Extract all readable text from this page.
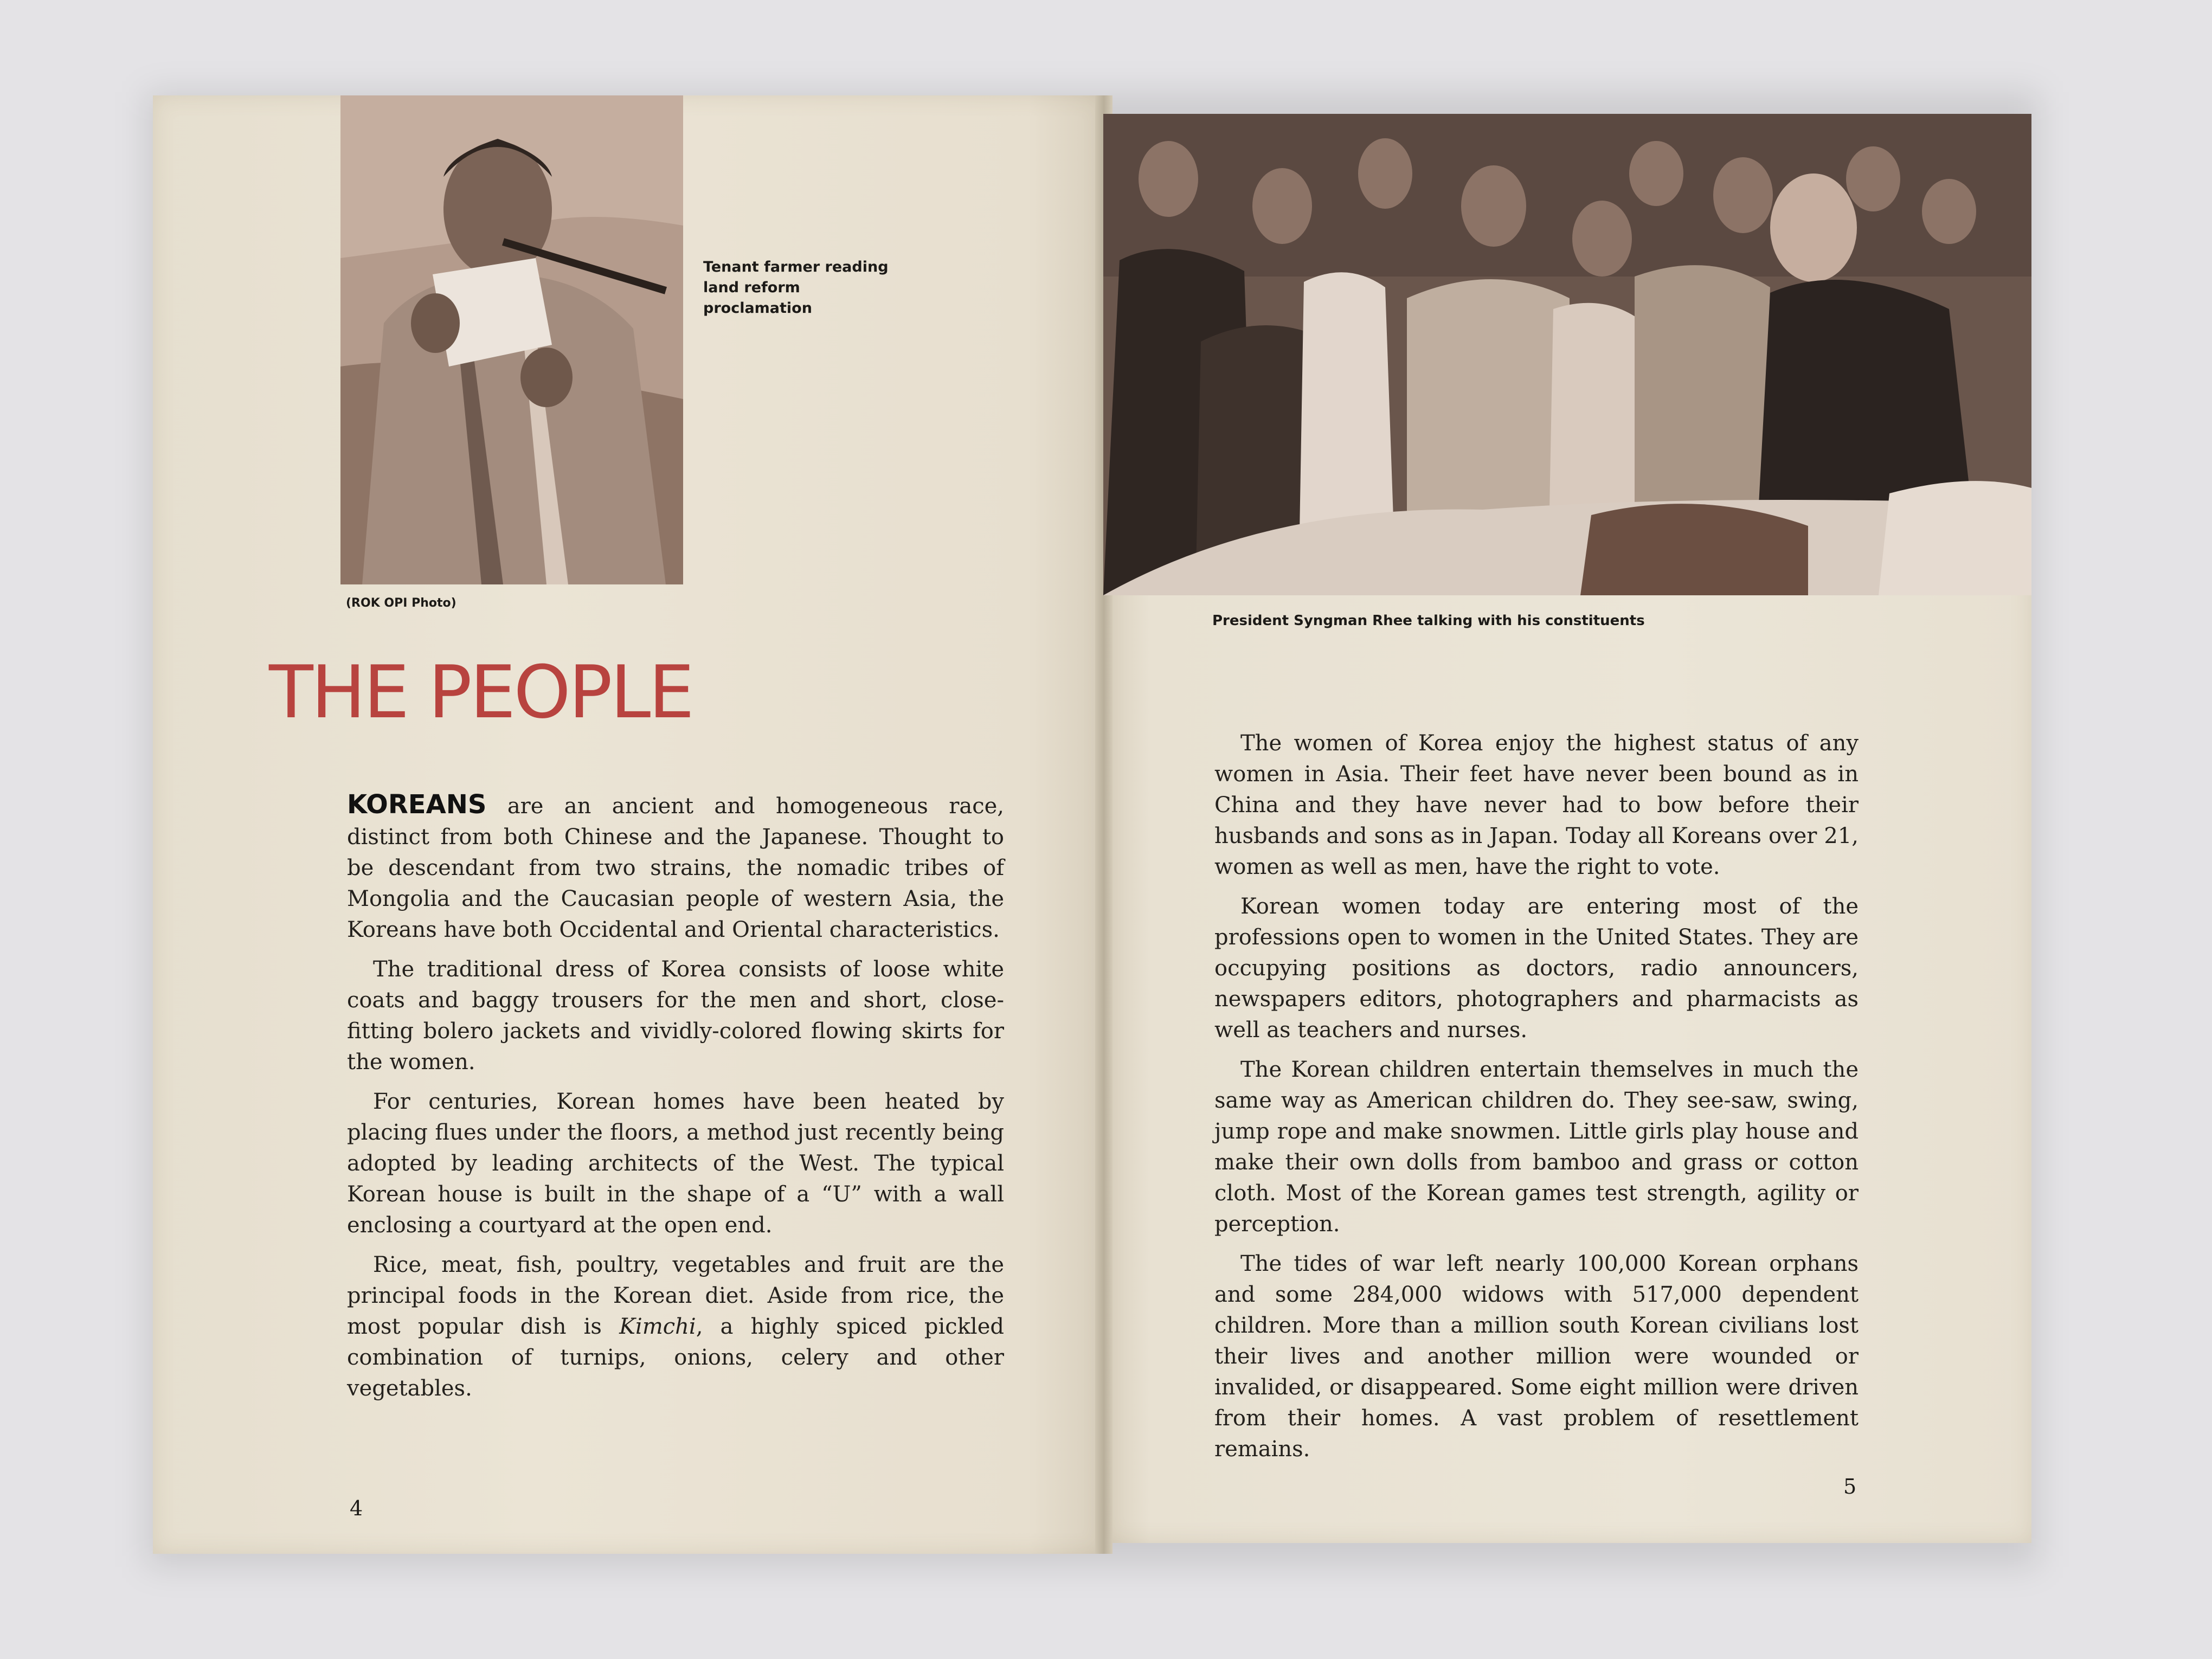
Tenant farmer reading land reform proclamation
(ROK OPI Photo)
President Syngman Rhee talking with his constituents
THE PEOPLE

KOREANS are an ancient and homogeneous race, distinct from both Chinese and the Japanese. Thought to be descendant from two strains, the nomadic tribes of Mongolia and the Caucasian people of western Asia, the Koreans have both Occidental and Oriental characteristics.

The traditional dress of Korea consists of loose white coats and baggy trousers for the men and short, close-fitting bolero jackets and vividly-colored flowing skirts for the women.

For centuries, Korean homes have been heated by placing flues under the floors, a method just recently being adopted by leading architects of the West. The typical Korean house is built in the shape of a “U” with a wall enclosing a courtyard at the open end.

Rice, meat, fish, poultry, vegetables and fruit are the principal foods in the Korean diet. Aside from rice, the most popular dish is Kimchi, a highly spiced pickled combination of turnips, onions, celery and other vegetables.

The women of Korea enjoy the highest status of any women in Asia. Their feet have never been bound as in China and they have never had to bow before their husbands and sons as in Japan. Today all Koreans over 21, women as well as men, have the right to vote.

Korean women today are entering most of the professions open to women in the United States. They are occupying positions as doctors, radio announcers, newspapers editors, photographers and pharmacists as well as teachers and nurses.

The Korean children entertain themselves in much the same way as American children do. They see-saw, swing, jump rope and make snowmen. Little girls play house and make their own dolls from bamboo and grass or cotton cloth. Most of the Korean games test strength, agility or perception.

The tides of war left nearly 100,000 Korean orphans and some 284,000 widows with 517,000 dependent children. More than a million south Korean civilians lost their lives and another million were wounded or invalided, or disappeared. Some eight million were driven from their homes. A vast problem of resettlement remains.

4
5
